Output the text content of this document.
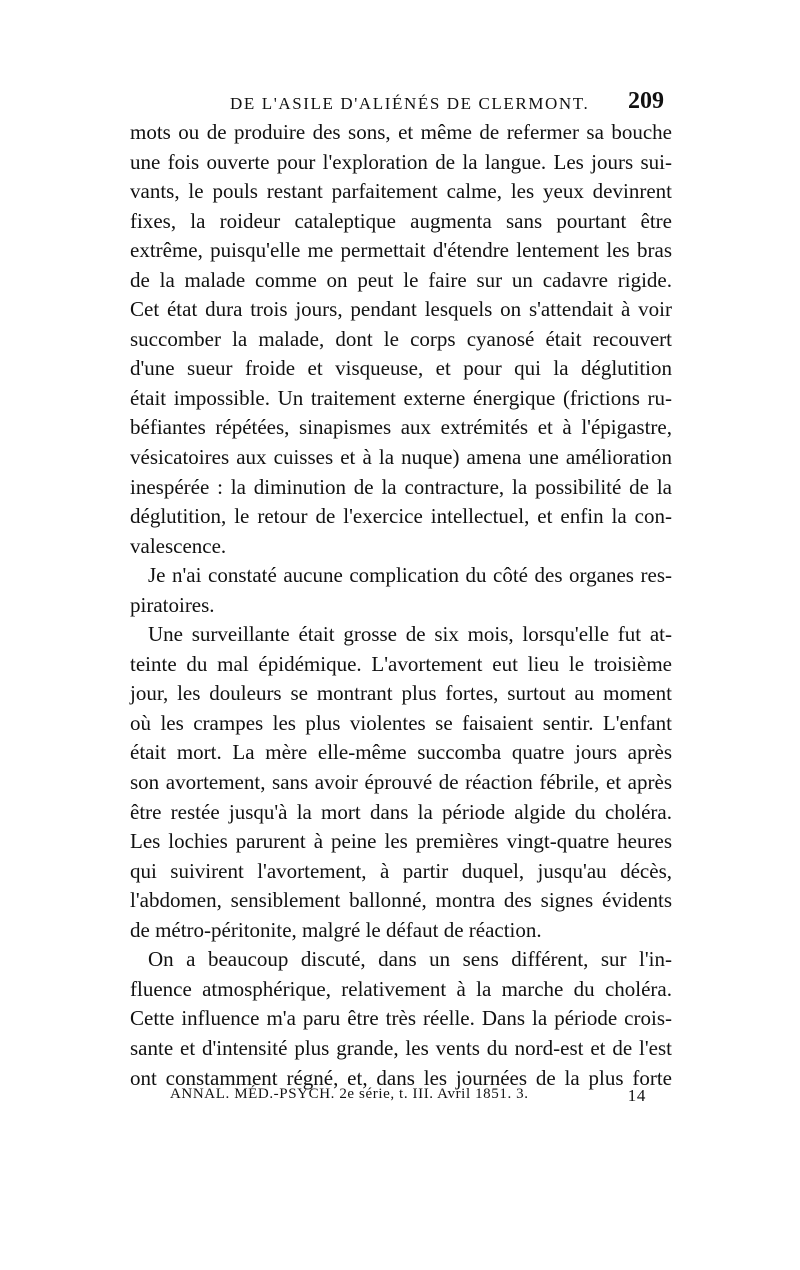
DE L'ASILE D'ALIÉNÉS DE CLERMONT. 209
mots ou de produire des sons, et même de refermer sa bouche
une fois ouverte pour l'exploration de la langue. Les jours sui-
vants, le pouls restant parfaitement calme, les yeux devinrent
fixes, la roideur cataleptique augmenta sans pourtant être
extrême, puisqu'elle me permettait d'étendre lentement les bras
de la malade comme on peut le faire sur un cadavre rigide.
Cet état dura trois jours, pendant lesquels on s'attendait à voir
succomber la malade, dont le corps cyanosé était recouvert
d'une sueur froide et visqueuse, et pour qui la déglutition
était impossible. Un traitement externe énergique (frictions ru-
béfiantes répétées, sinapismes aux extrémités et à l'épigastre,
vésicatoires aux cuisses et à la nuque) amena une amélioration
inespérée : la diminution de la contracture, la possibilité de la
déglutition, le retour de l'exercice intellectuel, et enfin la con-
valescence.
Je n'ai constaté aucune complication du côté des organes res-
piratoires.
Une surveillante était grosse de six mois, lorsqu'elle fut at-
teinte du mal épidémique. L'avortement eut lieu le troisième
jour, les douleurs se montrant plus fortes, surtout au moment
où les crampes les plus violentes se faisaient sentir. L'enfant
était mort. La mère elle-même succomba quatre jours après
son avortement, sans avoir éprouvé de réaction fébrile, et après
être restée jusqu'à la mort dans la période algide du choléra.
Les lochies parurent à peine les premières vingt-quatre heures
qui suivirent l'avortement, à partir duquel, jusqu'au décès,
l'abdomen, sensiblement ballonné, montra des signes évidents
de métro-péritonite, malgré le défaut de réaction.
On a beaucoup discuté, dans un sens différent, sur l'in-
fluence atmosphérique, relativement à la marche du choléra.
Cette influence m'a paru être très réelle. Dans la période crois-
sante et d'intensité plus grande, les vents du nord-est et de l'est
ont constamment régné, et, dans les journées de la plus forte
ANNAL. MÉD.-PSYCH. 2e série, t. III. Avril 1851. 3.	14
